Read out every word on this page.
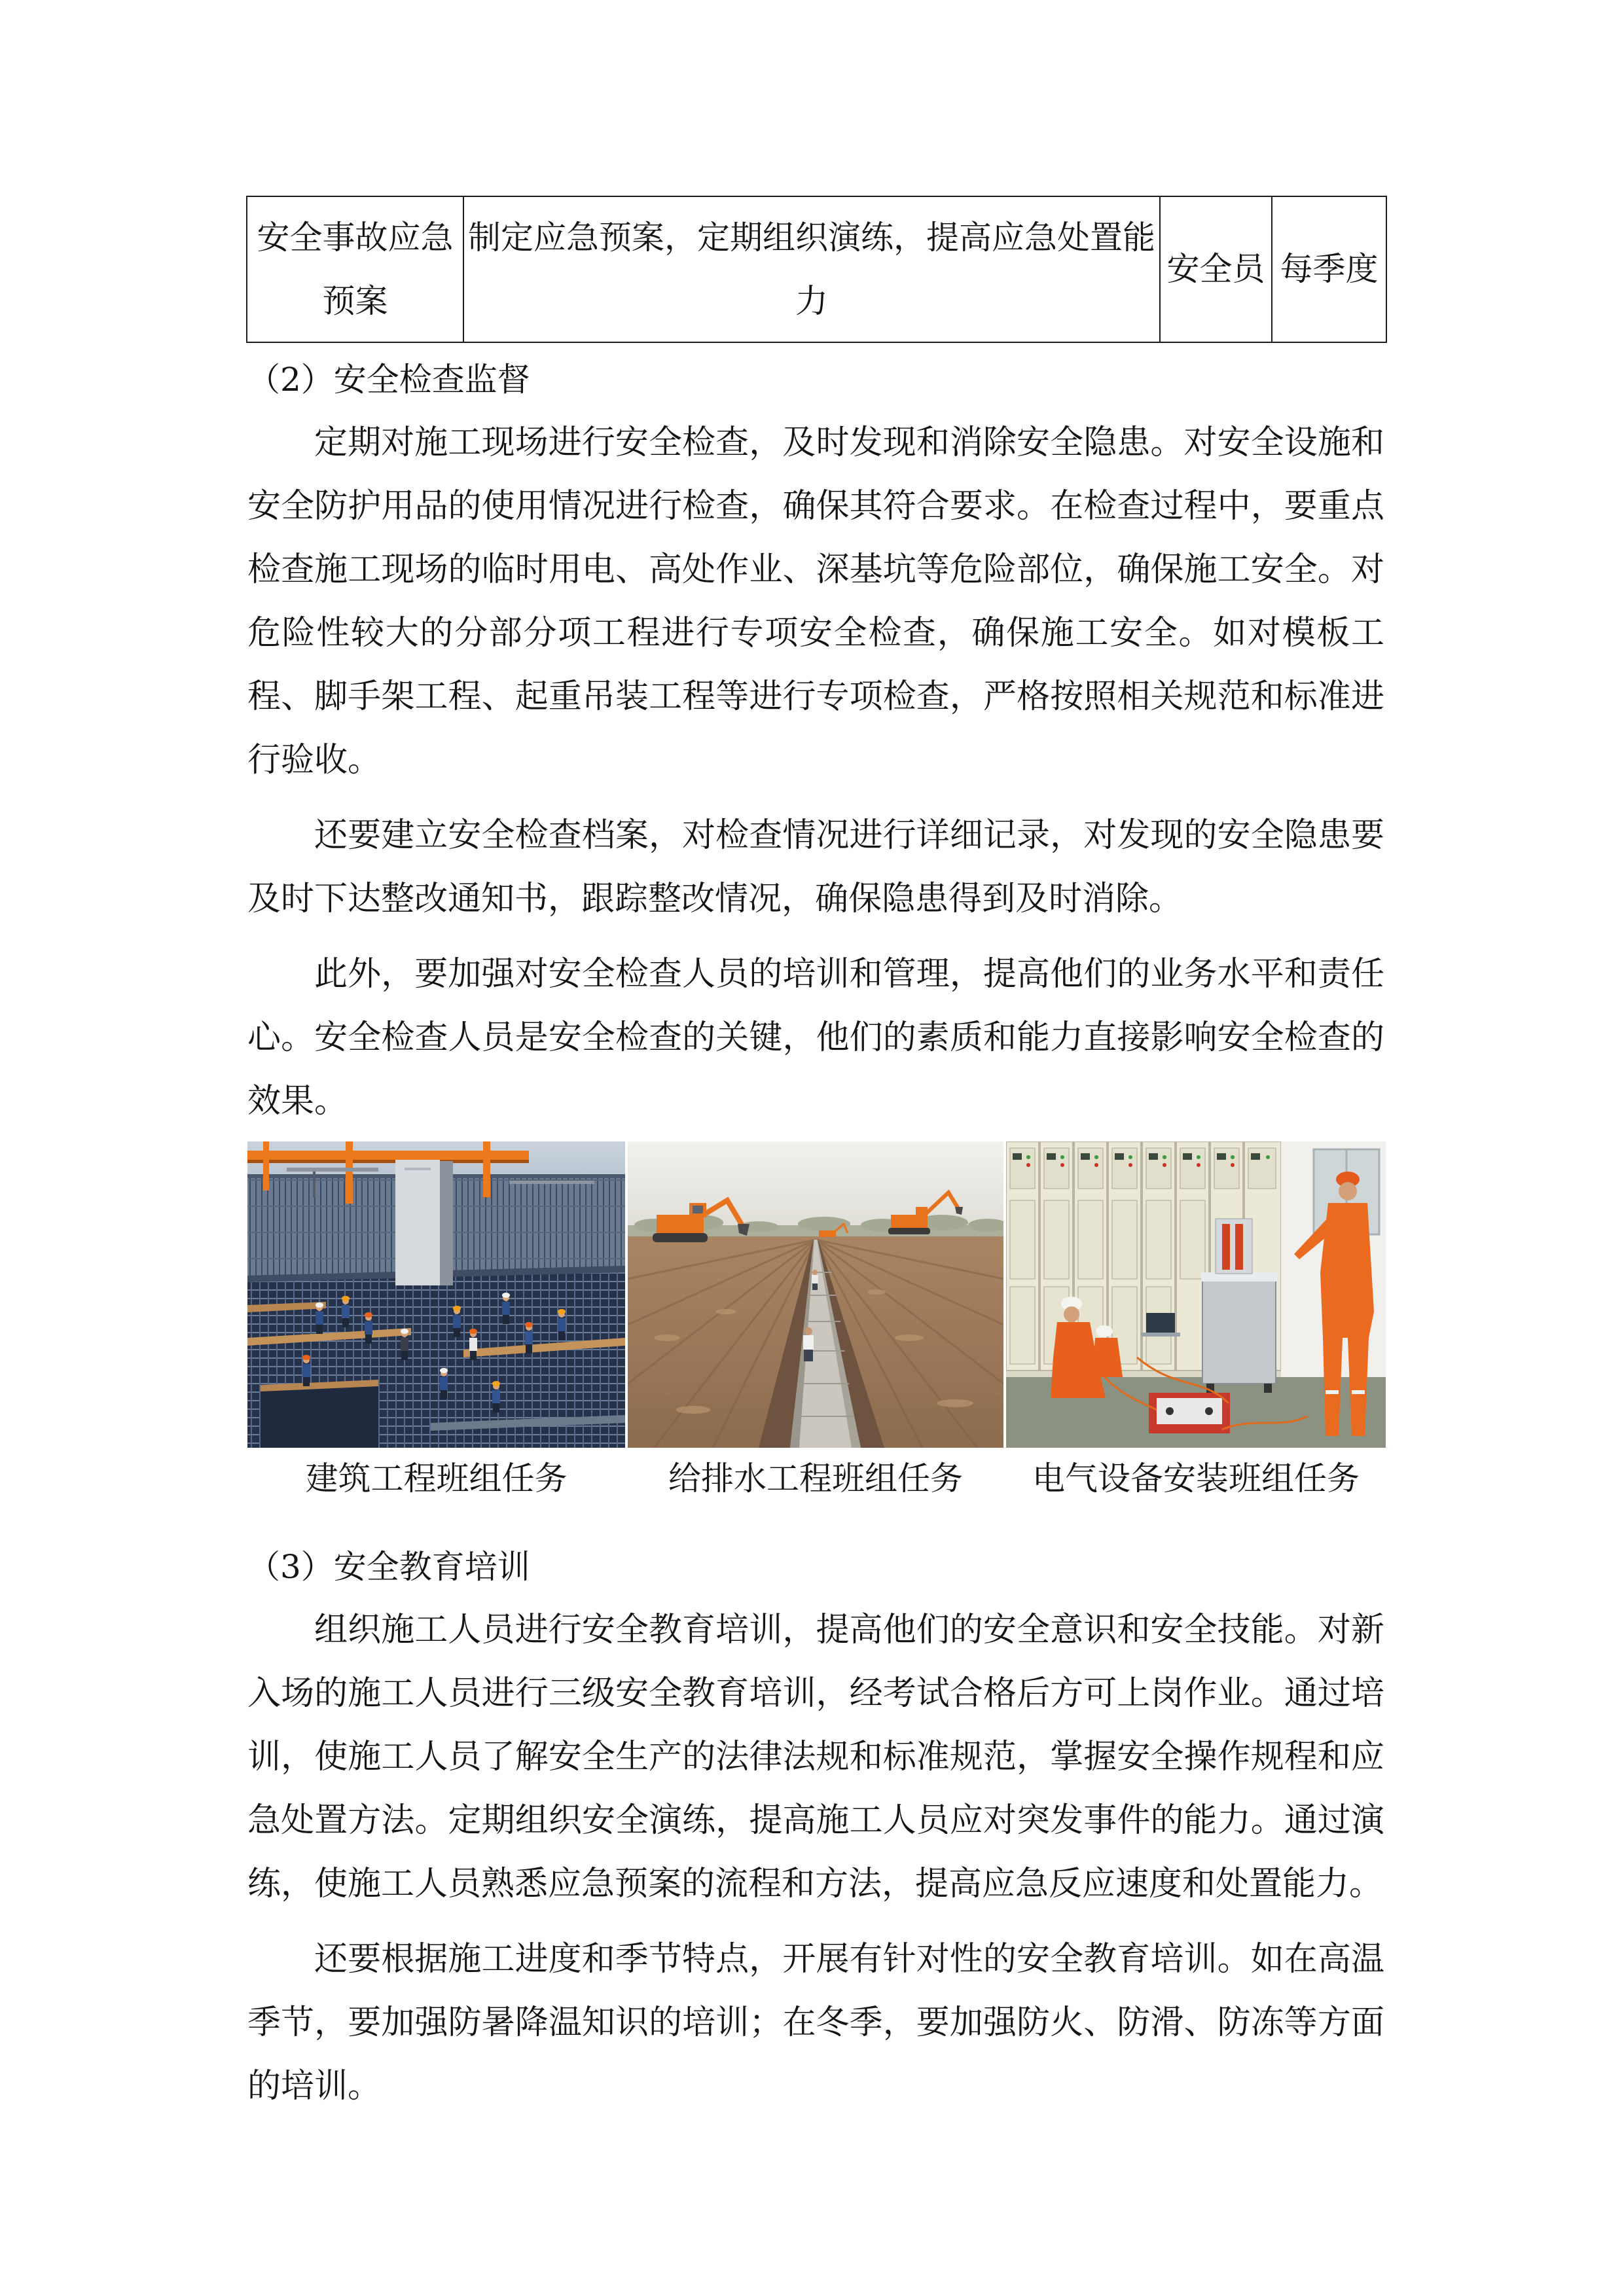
安全事故应急预案	制定应急预案，定期组织演练，提高应急处置能力	安全员	每季度
（2）安全检查监督

定期对施工现场进行安全检查，及时发现和消除安全隐患。对安全设施和安全防护用品的使用情况进行检查，确保其符合要求。在检查过程中，要重点检查施工现场的临时用电、高处作业、深基坑等危险部位，确保施工安全。对危险性较大的分部分项工程进行专项安全检查，确保施工安全。如对模板工程、脚手架工程、起重吊装工程等进行专项检查，严格按照相关规范和标准进行验收。

还要建立安全检查档案，对检查情况进行详细记录，对发现的安全隐患要及时下达整改通知书，跟踪整改情况，确保隐患得到及时消除。

此外，要加强对安全检查人员的培训和管理，提高他们的业务水平和责任心。安全检查人员是安全检查的关键，他们的素质和能力直接影响安全检查的效果。

建筑工程班组任务	给排水工程班组任务	电气设备安装班组任务
（3）安全教育培训

组织施工人员进行安全教育培训，提高他们的安全意识和安全技能。对新入场的施工人员进行三级安全教育培训，经考试合格后方可上岗作业。通过培训，使施工人员了解安全生产的法律法规和标准规范，掌握安全操作规程和应急处置方法。定期组织安全演练，提高施工人员应对突发事件的能力。通过演练，使施工人员熟悉应急预案的流程和方法，提高应急反应速度和处置能力。

还要根据施工进度和季节特点，开展有针对性的安全教育培训。如在高温季节，要加强防暑降温知识的培训；在冬季，要加强防火、防滑、防冻等方面的培训。
